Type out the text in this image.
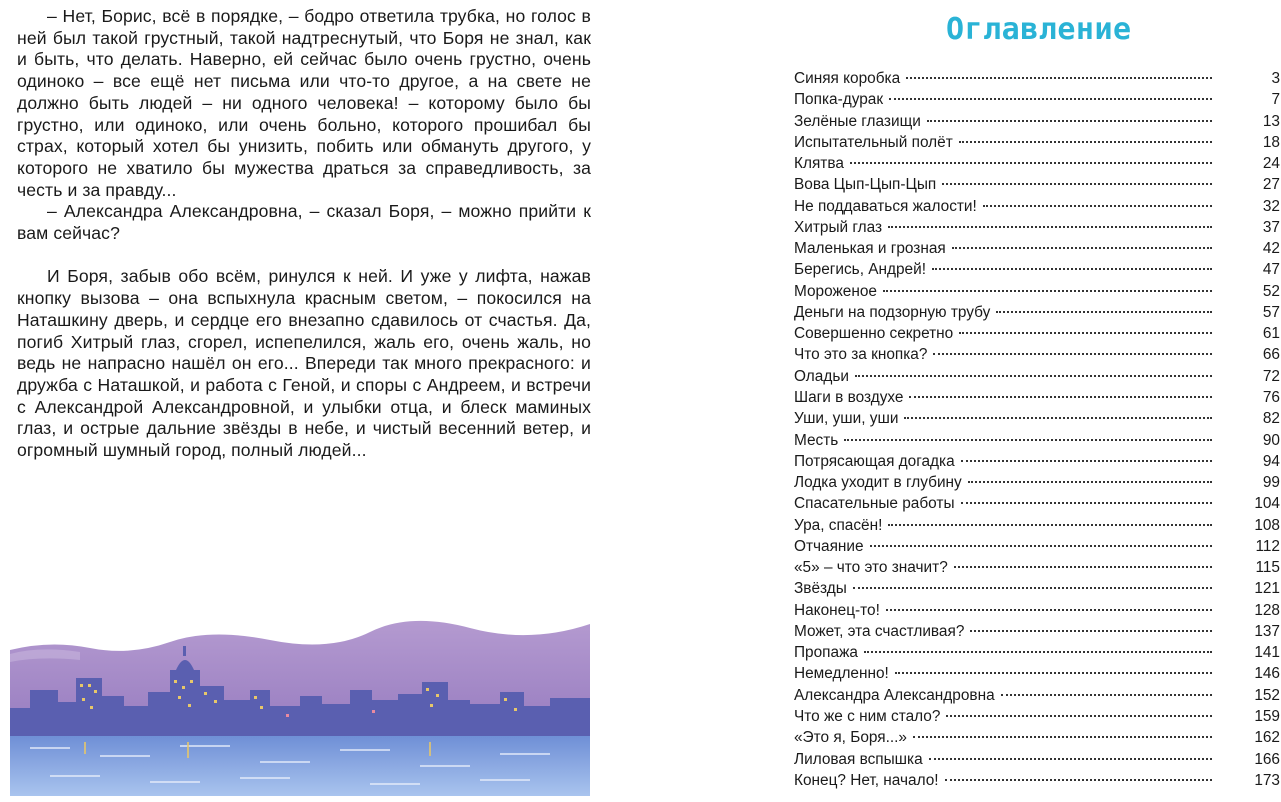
– Нет, Борис, всё в порядке, – бодро ответила трубка, но голос в ней был такой грустный, такой надтреснутый, что Боря не знал, как и быть, что делать. Наверно, ей сейчас было очень грустно, очень одиноко – все ещё нет письма или что-то другое, а на свете не должно быть людей – ни одного человека! – которому было бы грустно, или одиноко, или очень больно, которого прошибал бы страх, который хотел бы унизить, побить или обмануть другого, у которого не хватило бы мужества драться за справедливость, за честь и за правду...

– Александра Александровна, – сказал Боря, – можно прийти к вам сейчас?

И Боря, забыв обо всём, ринулся к ней. И уже у лифта, нажав кнопку вызова – она вспыхнула красным светом, – покосился на Наташкину дверь, и сердце его внезапно сдавилось от счастья. Да, погиб Хитрый глаз, сгорел, испепелился, жаль его, очень жаль, но ведь не напрасно нашёл он его... Впереди так много прекрасного: и дружба с Наташкой, и работа с Геной, и споры с Андреем, и встречи с Александрой Александровной, и улыбки отца, и блеск маминых глаз, и острые дальние звёзды в небе, и чистый весенний ветер, и огромный шумный город, полный людей...

Оглавление
Синяя коробка	3
Попка-дурак	7
Зелёные глазищи	13
Испытательный полёт	18
Клятва	24
Вова Цып-Цып-Цып	27
Не поддаваться жалости!	32
Хитрый глаз	37
Маленькая и грозная	42
Берегись, Андрей!	47
Мороженое	52
Деньги на подзорную трубу	57
Совершенно секретно	61
Что это за кнопка?	66
Оладьи	72
Шаги в воздухе	76
Уши, уши, уши	82
Месть	90
Потрясающая догадка	94
Лодка уходит в глубину	99
Спасательные работы	104
Ура, спасён!	108
Отчаяние	112
«5» – что это значит?	115
Звёзды	121
Наконец-то!	128
Может, эта счастливая?	137
Пропажа	141
Немедленно!	146
Александра Александровна	152
Что же с ним стало?	159
«Это я, Боря...»	162
Лиловая вспышка	166
Конец? Нет, начало!	173
